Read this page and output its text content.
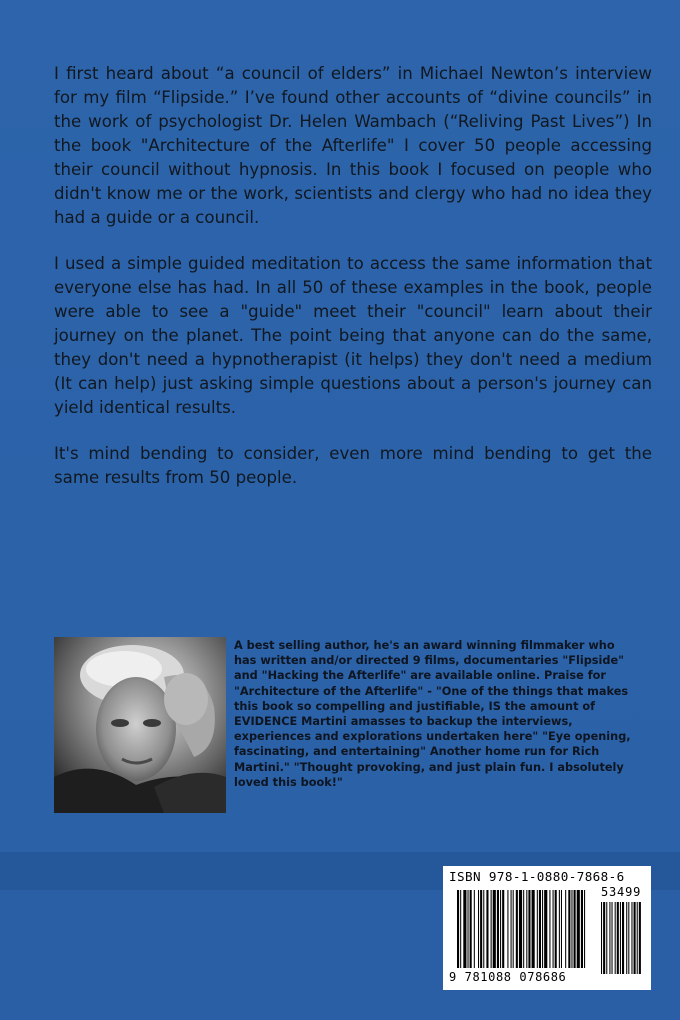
I first heard about “a council of elders” in Michael Newton’s interview for my film “Flipside.” I’ve found other accounts of “divine councils” in the work of psychologist Dr. Helen Wambach (“Reliving Past Lives”) In the book "Architecture of the Afterlife" I cover 50 people accessing their council without hypnosis. In this book I focused on people who didn't know me or the work, scientists and clergy who had no idea they had a guide or a council.

I used a simple guided meditation to access the same information that everyone else has had. In all 50 of these examples in the book, people were able to see a "guide" meet their "council" learn about their journey on the planet. The point being that anyone can do the same, they don't need a hypnotherapist (it helps) they don't need a medium (It can help) just asking simple questions about a person's journey can yield identical results.

It's mind bending to consider, even more mind bending to get the same results from 50 people.

A best selling author, he's an award winning filmmaker who has written and/or directed 9 films, documentaries "Flipside" and "Hacking the Afterlife" are available online. Praise for "Architecture of the Afterlife" - "One of the things that makes this book so compelling and justifiable, IS the amount of EVIDENCE Martini amasses to backup the interviews, experiences and explorations undertaken here" "Eye opening, fascinating, and entertaining" Another home run for Rich Martini." "Thought provoking, and just plain fun. I absolutely loved this book!"
ISBN 978-1-0880-7868-6
53499
9 781088 078686
